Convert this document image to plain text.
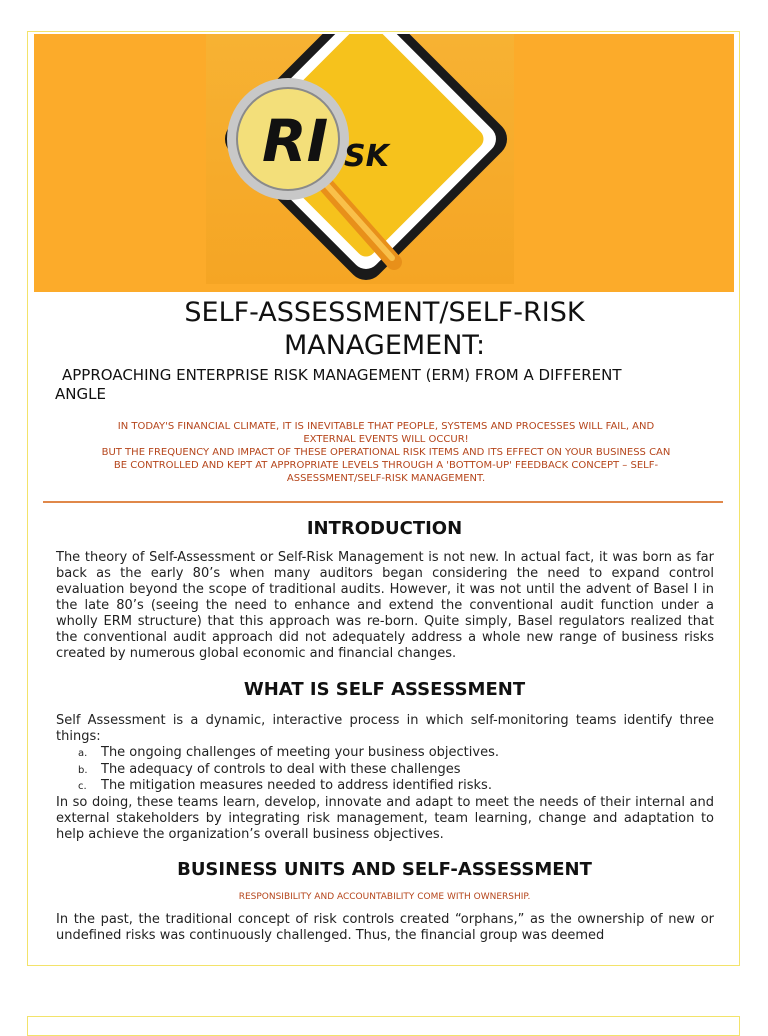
RI SK
SELF-ASSESSMENT/SELF-RISK
MANAGEMENT:
APPROACHING ENTERPRISE RISK MANAGEMENT (ERM) FROM A DIFFERENT
ANGLE
IN TODAY'S FINANCIAL CLIMATE, IT IS INEVITABLE THAT PEOPLE, SYSTEMS AND PROCESSES WILL FAIL, AND
EXTERNAL EVENTS WILL OCCUR!
BUT THE FREQUENCY AND IMPACT OF THESE OPERATIONAL RISK ITEMS AND ITS EFFECT ON YOUR BUSINESS CAN
BE CONTROLLED AND KEPT AT APPROPRIATE LEVELS THROUGH A 'BOTTOM-UP' FEEDBACK CONCEPT – SELF-
ASSESSMENT/SELF-RISK MANAGEMENT.
INTRODUCTION

The theory of Self-Assessment or Self-Risk Management is not new. In actual fact, it was born as far back as the early 80’s when many auditors began considering the need to expand control evaluation beyond the scope of traditional audits. However, it was not until the advent of Basel I in the late 80’s (seeing the need to enhance and extend the conventional audit function under a wholly ERM structure) that this approach was re-born. Quite simply, Basel regulators realized that the conventional audit approach did not adequately address a whole new range of business risks created by numerous global economic and financial changes.

WHAT IS SELF ASSESSMENT

Self Assessment is a dynamic, interactive process in which self-monitoring teams identify three things:

a. The ongoing challenges of meeting your business objectives.
b. The adequacy of controls to deal with these challenges
c. The mitigation measures needed to address identified risks.

In so doing, these teams learn, develop, innovate and adapt to meet the needs of their internal and external stakeholders by integrating risk management, team learning, change and adaptation to help achieve the organization’s overall business objectives.

BUSINESS UNITS AND SELF-ASSESSMENT
RESPONSIBILITY AND ACCOUNTABILITY COME WITH OWNERSHIP.

In the past, the traditional concept of risk controls created “orphans,” as the ownership of new or undefined risks was continuously challenged. Thus, the financial group was deemed
